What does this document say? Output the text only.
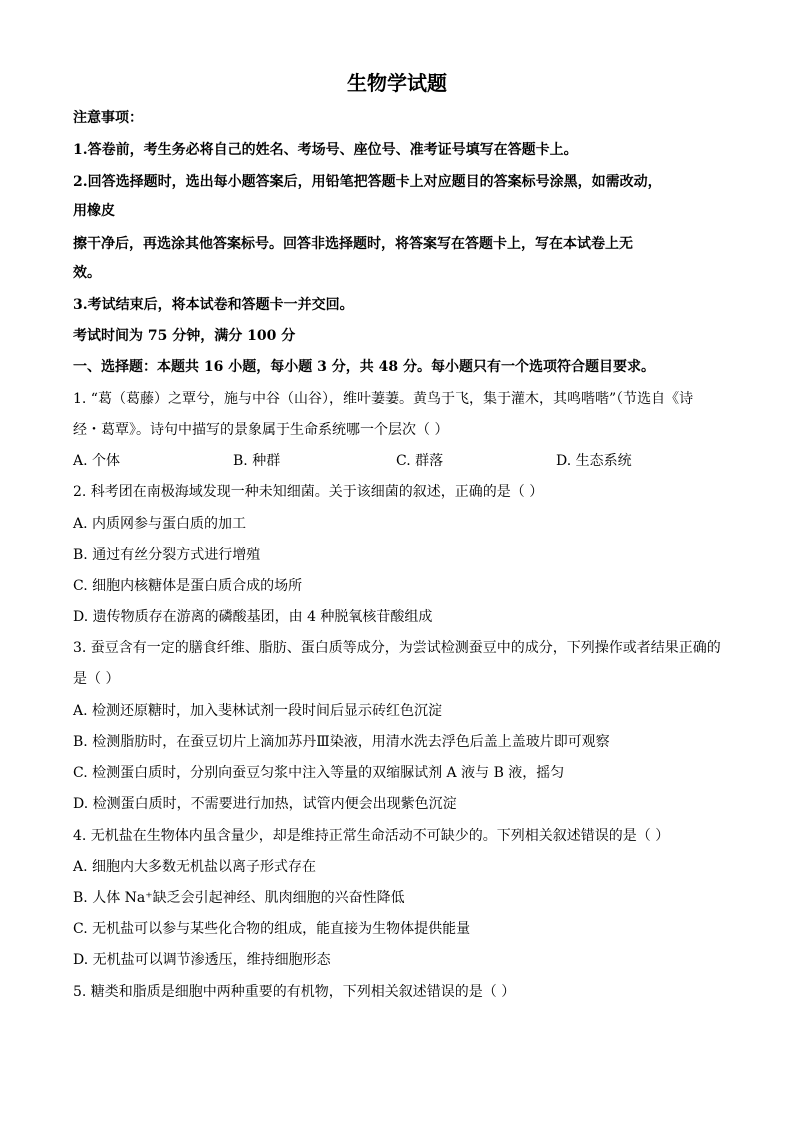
生物学试题
注意事项：
1.答卷前，考生务必将自己的姓名、考场号、座位号、准考证号填写在答题卡上。
2.回答选择题时，选出每小题答案后，用铅笔把答题卡上对应题目的答案标号涂黑，如需改动，
用橡皮
擦干净后，再选涂其他答案标号。回答非选择题时，将答案写在答题卡上，写在本试卷上无
效。
3.考试结束后，将本试卷和答题卡一并交回。
考试时间为 75 分钟，满分 100 分
一、选择题：本题共 16 小题，每小题 3 分，共 48 分。每小题只有一个选项符合题目要求。
1. “葛（葛藤）之覃兮，施与中谷（山谷），维叶萋萋。黄鸟于飞，集于灌木，其鸣喈喈”（节选自《诗
经・葛覃》。诗句中描写的景象属于生命系统哪一个层次（ ）
A. 个体	B. 种群	C. 群落	D. 生态系统
2. 科考团在南极海域发现一种未知细菌。关于该细菌的叙述，正确的是（ ）
A. 内质网参与蛋白质的加工
B. 通过有丝分裂方式进行增殖
C. 细胞内核糖体是蛋白质合成的场所
D. 遗传物质存在游离的磷酸基团，由 4 种脱氧核苷酸组成
3. 蚕豆含有一定的膳食纤维、脂肪、蛋白质等成分，为尝试检测蚕豆中的成分，下列操作或者结果正确的
是（ ）
A. 检测还原糖时，加入斐林试剂一段时间后显示砖红色沉淀
B. 检测脂肪时，在蚕豆切片上滴加苏丹Ⅲ染液，用清水洗去浮色后盖上盖玻片即可观察
C. 检测蛋白质时，分别向蚕豆匀浆中注入等量的双缩脲试剂 A 液与 B 液，摇匀
D. 检测蛋白质时，不需要进行加热，试管内便会出现紫色沉淀
4. 无机盐在生物体内虽含量少，却是维持正常生命活动不可缺少的。下列相关叙述错误的是（ ）
A. 细胞内大多数无机盐以离子形式存在
B. 人体 Na⁺缺乏会引起神经、肌肉细胞的兴奋性降低
C. 无机盐可以参与某些化合物的组成，能直接为生物体提供能量
D. 无机盐可以调节渗透压，维持细胞形态
5. 糖类和脂质是细胞中两种重要的有机物，下列相关叙述错误的是（ ）
